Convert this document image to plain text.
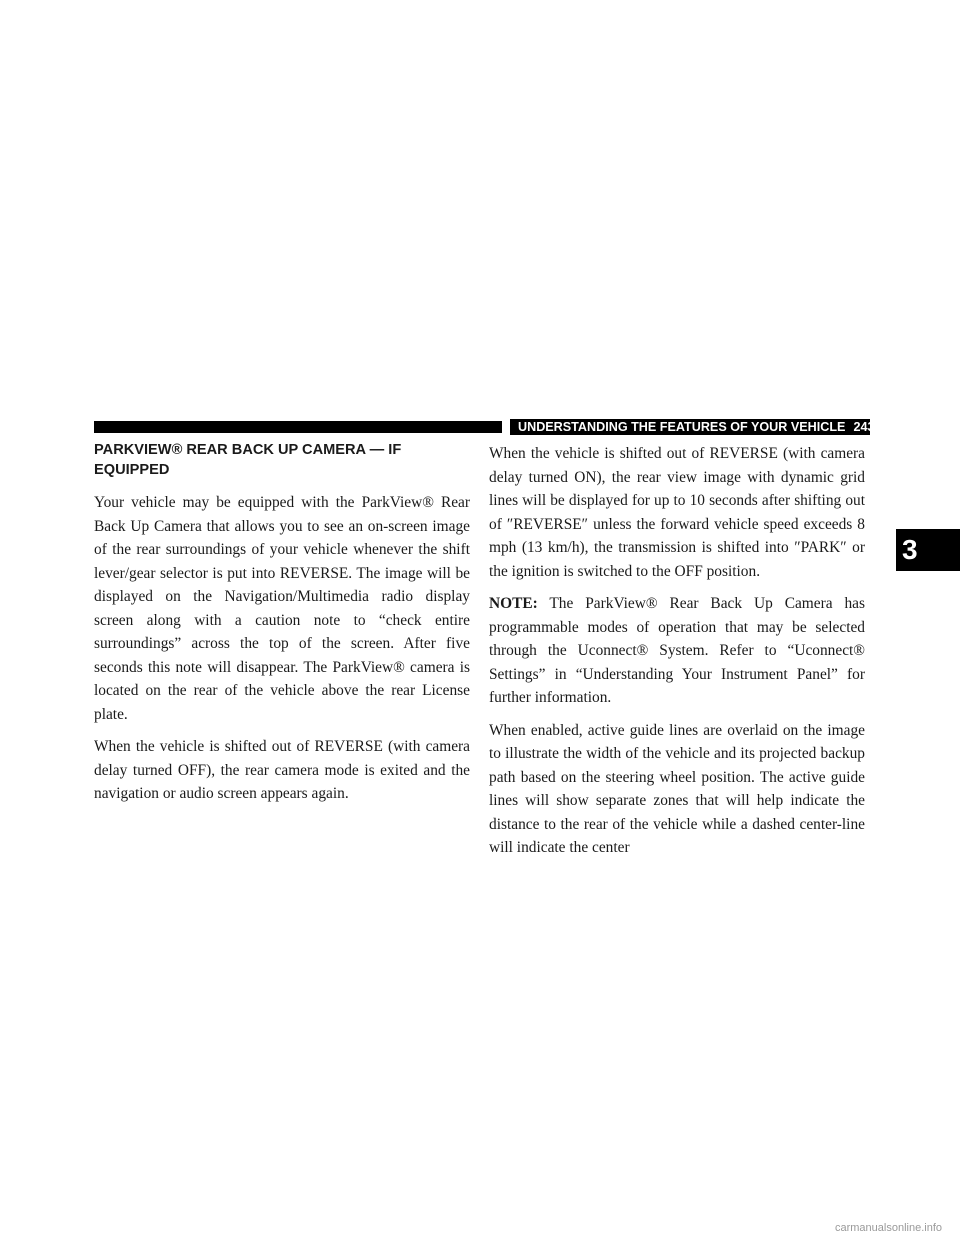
UNDERSTANDING THE FEATURES OF YOUR VEHICLE 243
PARKVIEW® REAR BACK UP CAMERA — IF EQUIPPED

Your vehicle may be equipped with the ParkView® Rear Back Up Camera that allows you to see an on-screen image of the rear surroundings of your vehicle whenever the shift lever/gear selector is put into REVERSE. The image will be displayed on the Navigation/Multimedia radio display screen along with a caution note to “check entire surroundings” across the top of the screen. After five seconds this note will disappear. The ParkView® camera is located on the rear of the vehicle above the rear License plate.

When the vehicle is shifted out of REVERSE (with camera delay turned OFF), the rear camera mode is exited and the navigation or audio screen appears again.

When the vehicle is shifted out of REVERSE (with camera delay turned ON), the rear view image with dynamic grid lines will be displayed for up to 10 seconds after shifting out of ″REVERSE″ unless the forward vehicle speed exceeds 8 mph (13 km/h), the transmission is shifted into ″PARK″ or the ignition is switched to the OFF position.

NOTE: The ParkView® Rear Back Up Camera has programmable modes of operation that may be selected through the Uconnect® System. Refer to “Uconnect® Settings” in “Understanding Your Instrument Panel” for further information.

When enabled, active guide lines are overlaid on the image to illustrate the width of the vehicle and its projected backup path based on the steering wheel position. The active guide lines will show separate zones that will help indicate the distance to the rear of the vehicle while a dashed center-line will indicate the center

3
carmanualsonline.info
